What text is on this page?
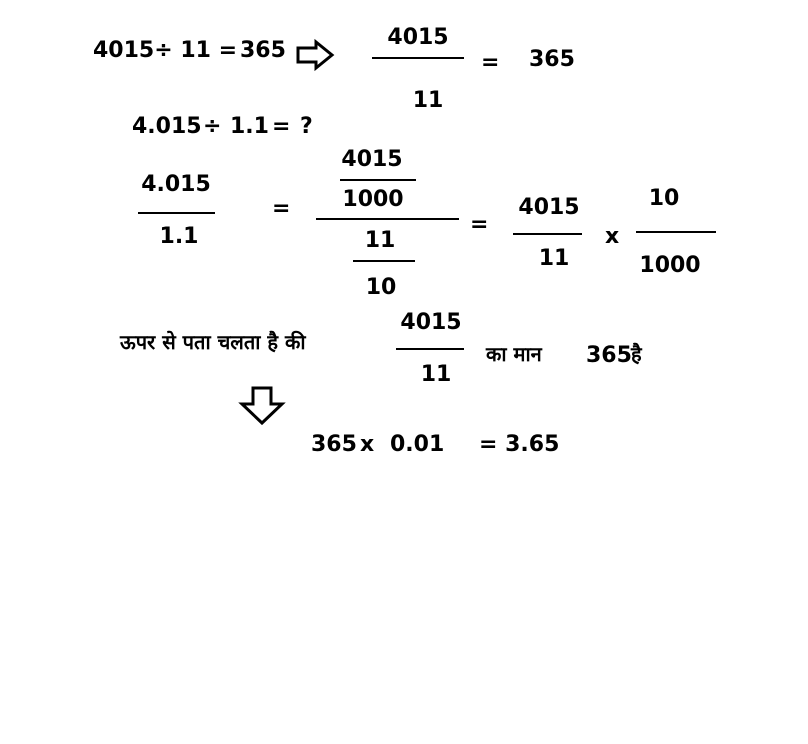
4015÷ 11 = 365
4015
11
= 365
4.015 ÷ 1.1 = ?
4.015
1.1
=
4015
1000
11
10
=
4015
11
x
10
1000
ऊपर से पता चलता है की
4015
11
का मान 365 है
365 x 0.01 = 3.65
